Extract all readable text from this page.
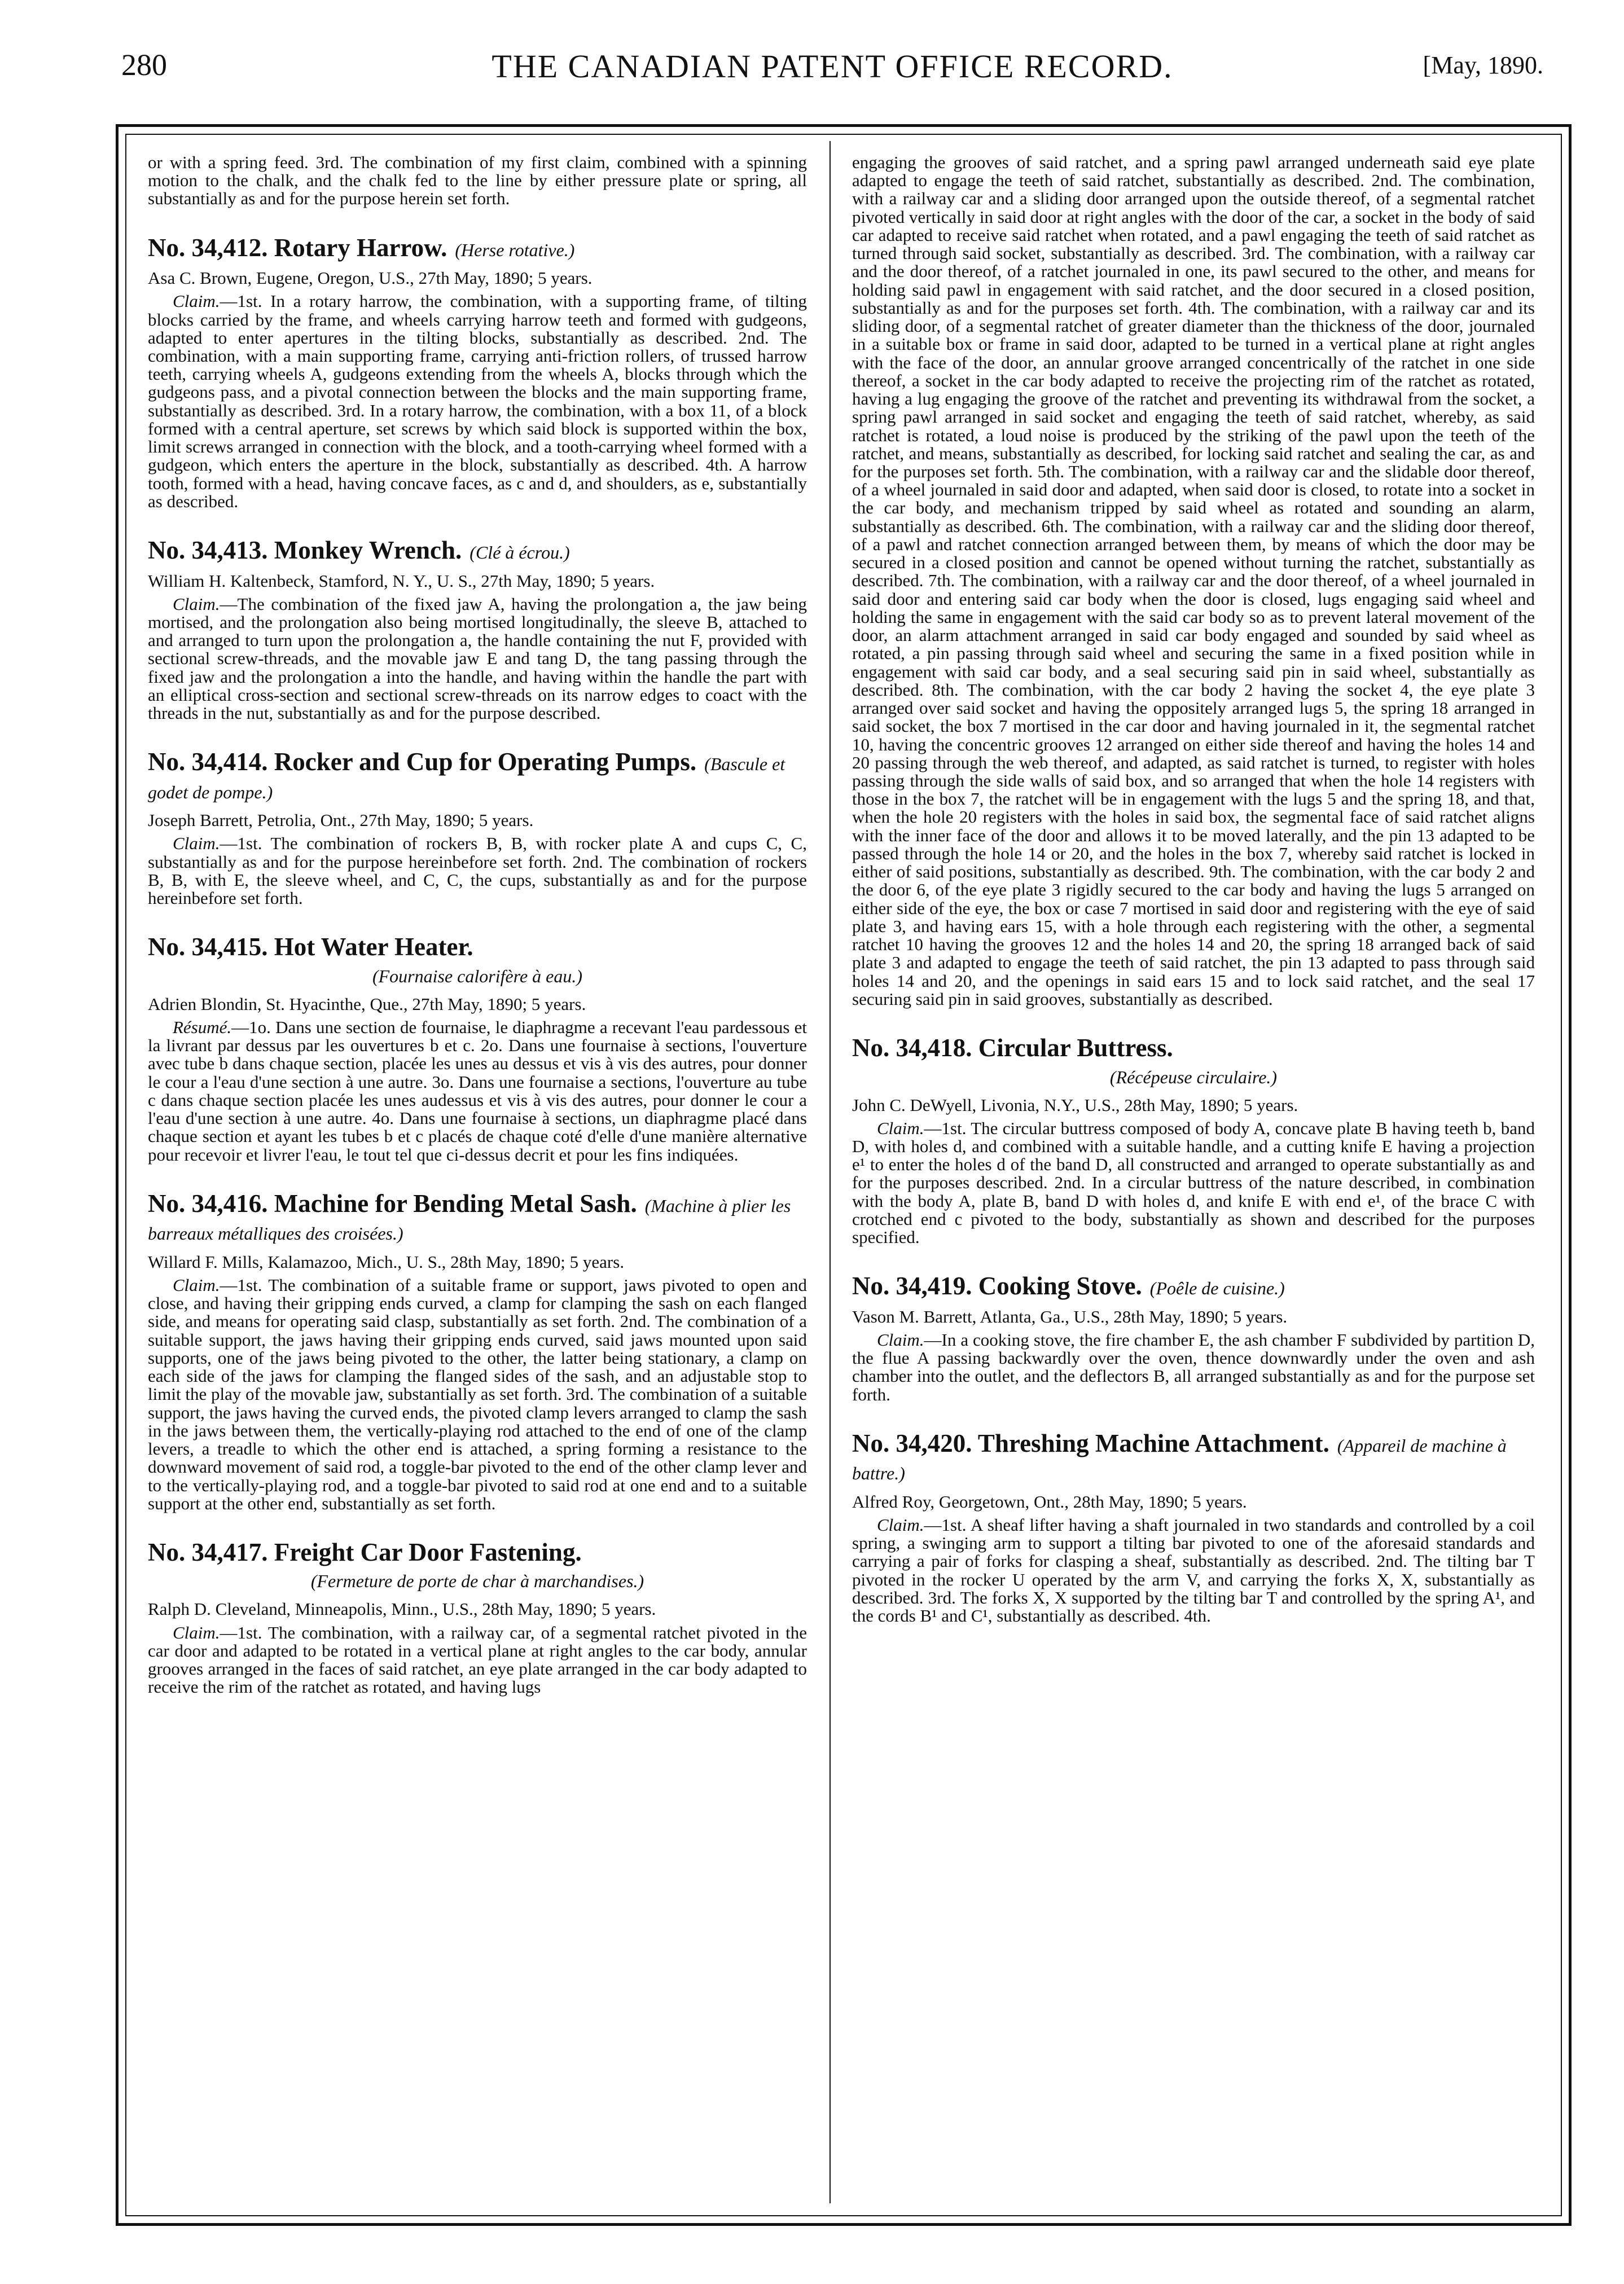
280	THE CANADIAN PATENT OFFICE RECORD.	[May, 1890.

or with a spring feed. 3rd. The combination of my first claim, combined with a spinning motion to the chalk, and the chalk fed to the line by either pressure plate or spring, all substantially as and for the purpose herein set forth.

No. 34,412. Rotary Harrow. (Herse rotative.)

Asa C. Brown, Eugene, Oregon, U.S., 27th May, 1890; 5 years.

Claim.—1st. In a rotary harrow, the combination, with a supporting frame, of tilting blocks carried by the frame, and wheels carrying harrow teeth and formed with gudgeons, adapted to enter apertures in the tilting blocks, substantially as described. 2nd. The combination, with a main supporting frame, carrying anti-friction rollers, of trussed harrow teeth, carrying wheels A, gudgeons extending from the wheels A, blocks through which the gudgeons pass, and a pivotal connection between the blocks and the main supporting frame, substantially as described. 3rd. In a rotary harrow, the combination, with a box 11, of a block formed with a central aperture, set screws by which said block is supported within the box, limit screws arranged in connection with the block, and a tooth-carrying wheel formed with a gudgeon, which enters the aperture in the block, substantially as described. 4th. A harrow tooth, formed with a head, having concave faces, as c and d, and shoulders, as e, substantially as described.

No. 34,413. Monkey Wrench. (Clé à écrou.)

William H. Kaltenbeck, Stamford, N. Y., U. S., 27th May, 1890; 5 years.

Claim.—The combination of the fixed jaw A, having the prolongation a, the jaw being mortised, and the prolongation also being mortised longitudinally, the sleeve B, attached to and arranged to turn upon the prolongation a, the handle containing the nut F, provided with sectional screw-threads, and the movable jaw E and tang D, the tang passing through the fixed jaw and the prolongation a into the handle, and having within the handle the part with an elliptical cross-section and sectional screw-threads on its narrow edges to coact with the threads in the nut, substantially as and for the purpose described.

No. 34,414. Rocker and Cup for Operating Pumps. (Bascule et godet de pompe.)

Joseph Barrett, Petrolia, Ont., 27th May, 1890; 5 years.

Claim.—1st. The combination of rockers B, B, with rocker plate A and cups C, C, substantially as and for the purpose hereinbefore set forth. 2nd. The combination of rockers B, B, with E, the sleeve wheel, and C, C, the cups, substantially as and for the purpose hereinbefore set forth.

No. 34,415. Hot Water Heater.
(Fournaise calorifère à eau.)

Adrien Blondin, St. Hyacinthe, Que., 27th May, 1890; 5 years.

Résumé.—1o. Dans une section de fournaise, le diaphragme a recevant l'eau pardessous et la livrant par dessus par les ouvertures b et c. 2o. Dans une fournaise à sections, l'ouverture avec tube b dans chaque section, placée les unes au dessus et vis à vis des autres, pour donner le cour a l'eau d'une section à une autre. 3o. Dans une fournaise a sections, l'ouverture au tube c dans chaque section placée les unes audessus et vis à vis des autres, pour donner le cour a l'eau d'une section à une autre. 4o. Dans une fournaise à sections, un diaphragme placé dans chaque section et ayant les tubes b et c placés de chaque coté d'elle d'une manière alternative pour recevoir et livrer l'eau, le tout tel que ci-dessus decrit et pour les fins indiquées.

No. 34,416. Machine for Bending Metal Sash. (Machine à plier les barreaux métalliques des croisées.)

Willard F. Mills, Kalamazoo, Mich., U. S., 28th May, 1890; 5 years.

Claim.—1st. The combination of a suitable frame or support, jaws pivoted to open and close, and having their gripping ends curved, a clamp for clamping the sash on each flanged side, and means for operating said clasp, substantially as set forth. 2nd. The combination of a suitable support, the jaws having their gripping ends curved, said jaws mounted upon said supports, one of the jaws being pivoted to the other, the latter being stationary, a clamp on each side of the jaws for clamping the flanged sides of the sash, and an adjustable stop to limit the play of the movable jaw, substantially as set forth. 3rd. The combination of a suitable support, the jaws having the curved ends, the pivoted clamp levers arranged to clamp the sash in the jaws between them, the vertically-playing rod attached to the end of one of the clamp levers, a treadle to which the other end is attached, a spring forming a resistance to the downward movement of said rod, a toggle-bar pivoted to the end of the other clamp lever and to the vertically-playing rod, and a toggle-bar pivoted to said rod at one end and to a suitable support at the other end, substantially as set forth.

No. 34,417. Freight Car Door Fastening.
(Fermeture de porte de char à marchandises.)

Ralph D. Cleveland, Minneapolis, Minn., U.S., 28th May, 1890; 5 years.

Claim.—1st. The combination, with a railway car, of a segmental ratchet pivoted in the car door and adapted to be rotated in a vertical plane at right angles to the car body, annular grooves arranged in the faces of said ratchet, an eye plate arranged in the car body adapted to receive the rim of the ratchet as rotated, and having lugs

engaging the grooves of said ratchet, and a spring pawl arranged underneath said eye plate adapted to engage the teeth of said ratchet, substantially as described. 2nd. The combination, with a railway car and a sliding door arranged upon the outside thereof, of a segmental ratchet pivoted vertically in said door at right angles with the door of the car, a socket in the body of said car adapted to receive said ratchet when rotated, and a pawl engaging the teeth of said ratchet as turned through said socket, substantially as described. 3rd. The combination, with a railway car and the door thereof, of a ratchet journaled in one, its pawl secured to the other, and means for holding said pawl in engagement with said ratchet, and the door secured in a closed position, substantially as and for the purposes set forth. 4th. The combination, with a railway car and its sliding door, of a segmental ratchet of greater diameter than the thickness of the door, journaled in a suitable box or frame in said door, adapted to be turned in a vertical plane at right angles with the face of the door, an annular groove arranged concentrically of the ratchet in one side thereof, a socket in the car body adapted to receive the projecting rim of the ratchet as rotated, having a lug engaging the groove of the ratchet and preventing its withdrawal from the socket, a spring pawl arranged in said socket and engaging the teeth of said ratchet, whereby, as said ratchet is rotated, a loud noise is produced by the striking of the pawl upon the teeth of the ratchet, and means, substantially as described, for locking said ratchet and sealing the car, as and for the purposes set forth. 5th. The combination, with a railway car and the slidable door thereof, of a wheel journaled in said door and adapted, when said door is closed, to rotate into a socket in the car body, and mechanism tripped by said wheel as rotated and sounding an alarm, substantially as described. 6th. The combination, with a railway car and the sliding door thereof, of a pawl and ratchet connection arranged between them, by means of which the door may be secured in a closed position and cannot be opened without turning the ratchet, substantially as described. 7th. The combination, with a railway car and the door thereof, of a wheel journaled in said door and entering said car body when the door is closed, lugs engaging said wheel and holding the same in engagement with the said car body so as to prevent lateral movement of the door, an alarm attachment arranged in said car body engaged and sounded by said wheel as rotated, a pin passing through said wheel and securing the same in a fixed position while in engagement with said car body, and a seal securing said pin in said wheel, substantially as described. 8th. The combination, with the car body 2 having the socket 4, the eye plate 3 arranged over said socket and having the oppositely arranged lugs 5, the spring 18 arranged in said socket, the box 7 mortised in the car door and having journaled in it, the segmental ratchet 10, having the concentric grooves 12 arranged on either side thereof and having the holes 14 and 20 passing through the web thereof, and adapted, as said ratchet is turned, to register with holes passing through the side walls of said box, and so arranged that when the hole 14 registers with those in the box 7, the ratchet will be in engagement with the lugs 5 and the spring 18, and that, when the hole 20 registers with the holes in said box, the segmental face of said ratchet aligns with the inner face of the door and allows it to be moved laterally, and the pin 13 adapted to be passed through the hole 14 or 20, and the holes in the box 7, whereby said ratchet is locked in either of said positions, substantially as described. 9th. The combination, with the car body 2 and the door 6, of the eye plate 3 rigidly secured to the car body and having the lugs 5 arranged on either side of the eye, the box or case 7 mortised in said door and registering with the eye of said plate 3, and having ears 15, with a hole through each registering with the other, a segmental ratchet 10 having the grooves 12 and the holes 14 and 20, the spring 18 arranged back of said plate 3 and adapted to engage the teeth of said ratchet, the pin 13 adapted to pass through said holes 14 and 20, and the openings in said ears 15 and to lock said ratchet, and the seal 17 securing said pin in said grooves, substantially as described.

No. 34,418. Circular Buttress.
(Récépeuse circulaire.)

John C. DeWyell, Livonia, N.Y., U.S., 28th May, 1890; 5 years.

Claim.—1st. The circular buttress composed of body A, concave plate B having teeth b, band D, with holes d, and combined with a suitable handle, and a cutting knife E having a projection e¹ to enter the holes d of the band D, all constructed and arranged to operate substantially as and for the purposes described. 2nd. In a circular buttress of the nature described, in combination with the body A, plate B, band D with holes d, and knife E with end e¹, of the brace C with crotched end c pivoted to the body, substantially as shown and described for the purposes specified.

No. 34,419. Cooking Stove. (Poêle de cuisine.)

Vason M. Barrett, Atlanta, Ga., U.S., 28th May, 1890; 5 years.

Claim.—In a cooking stove, the fire chamber E, the ash chamber F subdivided by partition D, the flue A passing backwardly over the oven, thence downwardly under the oven and ash chamber into the outlet, and the deflectors B, all arranged substantially as and for the purpose set forth.

No. 34,420. Threshing Machine Attachment. (Appareil de machine à battre.)

Alfred Roy, Georgetown, Ont., 28th May, 1890; 5 years.

Claim.—1st. A sheaf lifter having a shaft journaled in two standards and controlled by a coil spring, a swinging arm to support a tilting bar pivoted to one of the aforesaid standards and carrying a pair of forks for clasping a sheaf, substantially as described. 2nd. The tilting bar T pivoted in the rocker U operated by the arm V, and carrying the forks X, X, substantially as described. 3rd. The forks X, X supported by the tilting bar T and controlled by the spring A¹, and the cords B¹ and C¹, substantially as described. 4th.
